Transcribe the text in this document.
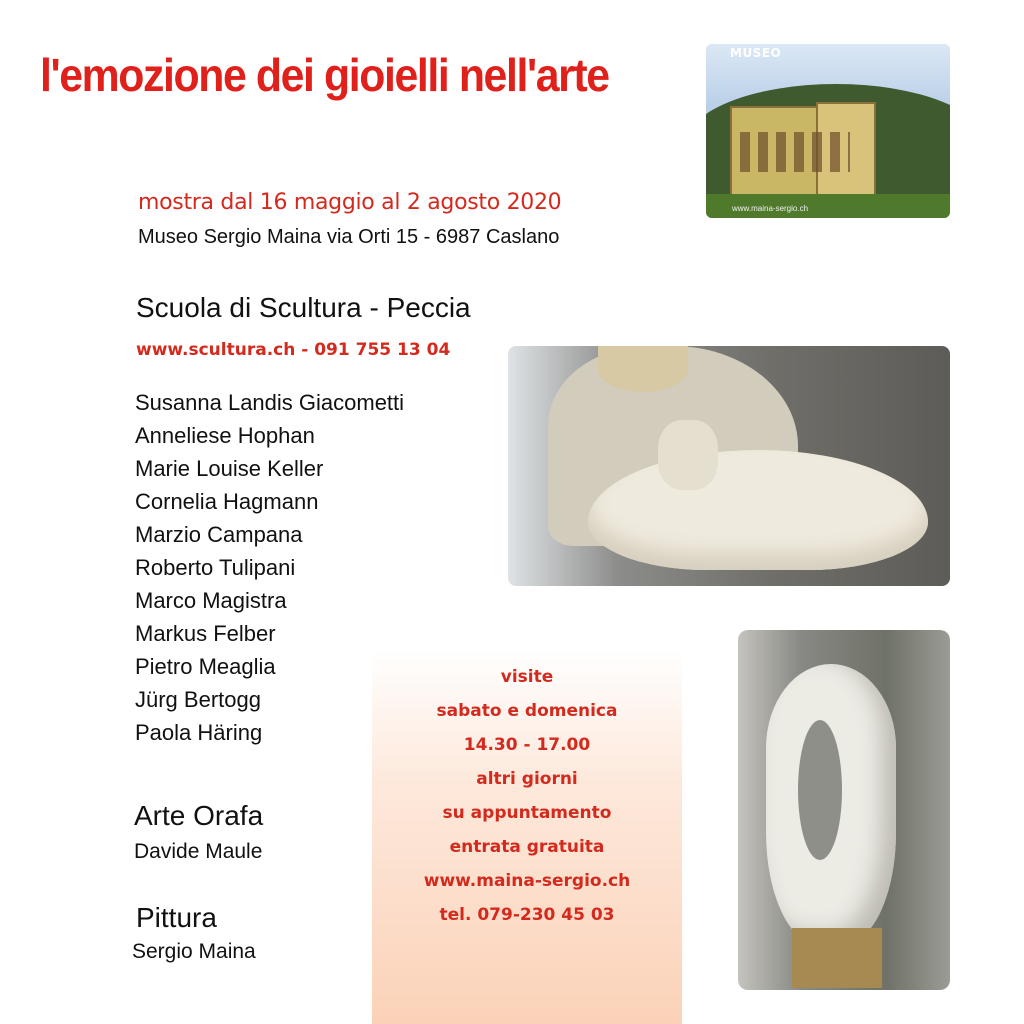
l'emozione dei gioielli nell'arte	MUSEO
www.maina-sergio.ch
mostra dal 16 maggio al 2 agosto 2020
Museo Sergio Maina via Orti 15 - 6987 Caslano
Scuola di Scultura - Peccia
www.scultura.ch - 091 755 13 04
Susanna Landis Giacometti
Anneliese Hophan
Marie Louise Keller
Cornelia Hagmann
Marzio Campana
Roberto Tulipani
Marco Magistra
Markus Felber
Pietro Meaglia
Jürg Bertogg
Paola Häring
Arte Orafa
Davide Maule
Pittura
Sergio Maina
visite
sabato e domenica
14.30 - 17.00
altri giorni
su appuntamento
entrata gratuita
www.maina-sergio.ch
tel. 079-230 45 03
